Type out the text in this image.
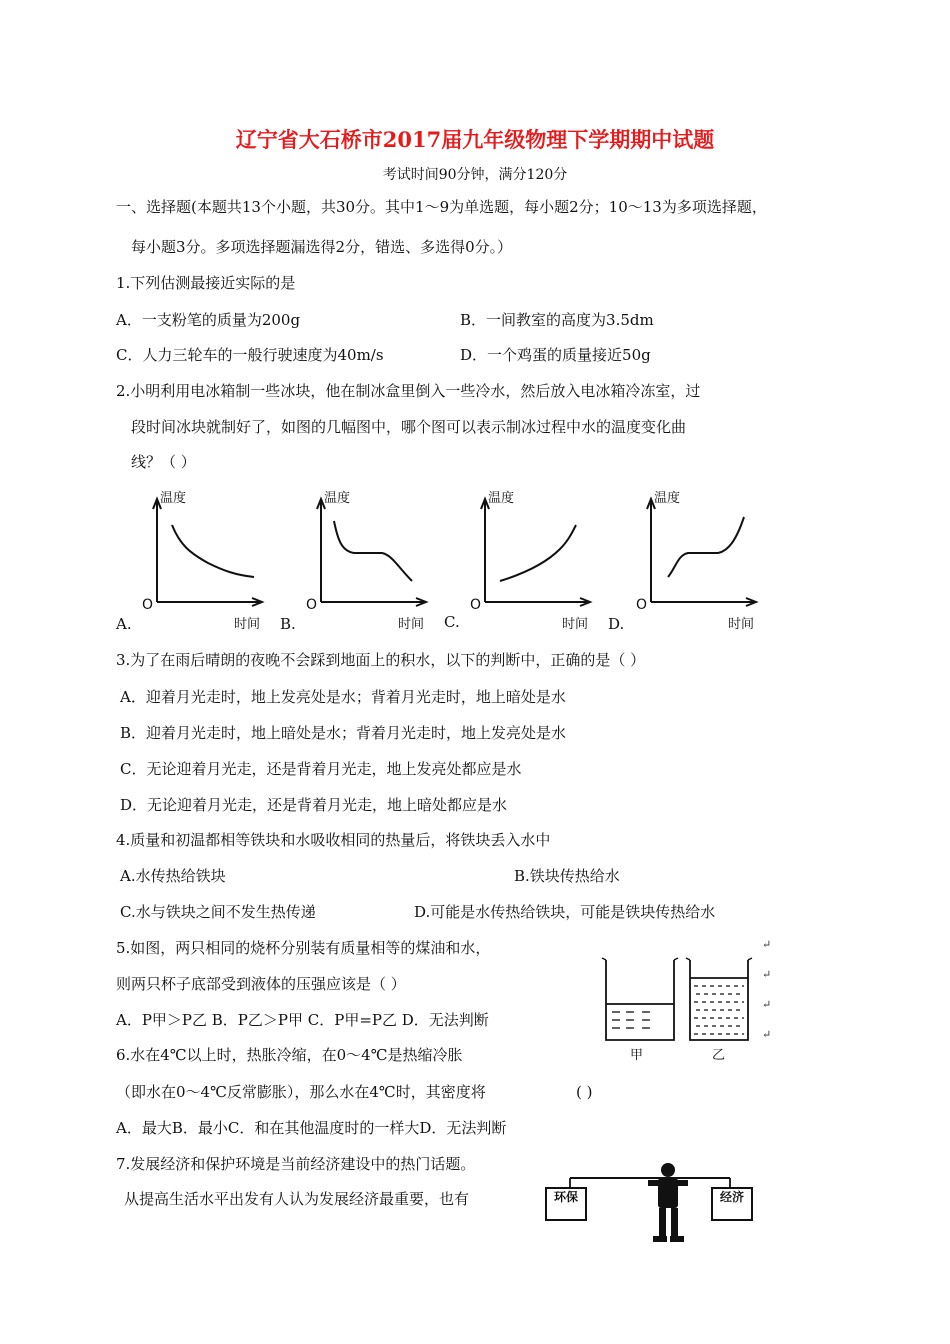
辽宁省大石桥市2017届九年级物理下学期期中试题
考试时间90分钟，满分120分
一、选择题(本题共13个小题，共30分。其中1～9为单选题，每小题2分；10～13为多项选择题，
每小题3分。多项选择题漏选得2分，错选、多选得0分。）
1.下列估测最接近实际的是
A．一支粉笔的质量为200g	B．一间教室的高度为3.5dm
C．人力三轮车的一般行驶速度为40m/s	D．一个鸡蛋的质量接近50g
2.小明利用电冰箱制一些冰块，他在制冰盒里倒入一些冷水，然后放入电冰箱冷冻室，过
段时间冰块就制好了，如图的几幅图中，哪个图可以表示制冰过程中水的温度变化曲
线？（ ）
温度
O
时间
A.
温度
O
时间
B.
温度
O
时间
C.
温度
O
时间
D.
3.为了在雨后晴朗的夜晚不会踩到地面上的积水，以下的判断中，正确的是（ ）
A．迎着月光走时，地上发亮处是水；背着月光走时，地上暗处是水
B．迎着月光走时，地上暗处是水；背着月光走时，地上发亮处是水
C．无论迎着月光走，还是背着月光走，地上发亮处都应是水
D．无论迎着月光走，还是背着月光走，地上暗处都应是水
4.质量和初温都相等铁块和水吸收相同的热量后，将铁块丢入水中
A.水传热给铁块	B.铁块传热给水
C.水与铁块之间不发生热传递	D.可能是水传热给铁块，可能是铁块传热给水
5.如图，两只相同的烧杯分别装有质量相等的煤油和水，
则两只杯子底部受到液体的压强应该是（ ）
A．P甲＞P乙 B．P乙＞P甲 C．P甲=P乙 D．无法判断
甲	乙
↵
↵
↵
↵
6.水在4℃以上时，热胀冷缩，在0～4℃是热缩冷胀
（即水在0～4℃反常膨胀），那么水在4℃时，其密度将	( )
A．最大B．最小C．和在其他温度时的一样大D．无法判断
7.发展经济和保护环境是当前经济建设中的热门话题。
从提高生活水平出发有人认为发展经济最重要，也有	环保	经济
